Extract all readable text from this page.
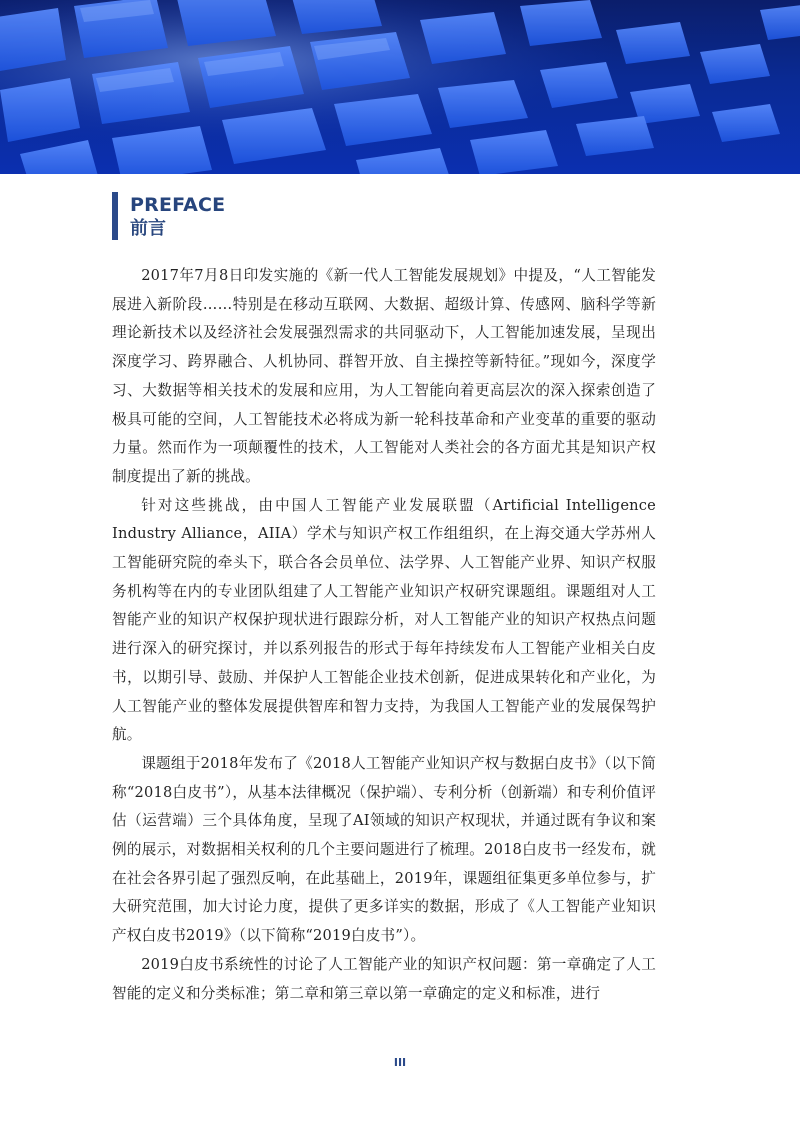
PREFACE
前言

2017年7月8日印发实施的《新一代人工智能发展规划》中提及，“人工智能发展进入新阶段……特别是在移动互联网、大数据、超级计算、传感网、脑科学等新理论新技术以及经济社会发展强烈需求的共同驱动下，人工智能加速发展，呈现出深度学习、跨界融合、人机协同、群智开放、自主操控等新特征。”现如今，深度学习、大数据等相关技术的发展和应用，为人工智能向着更高层次的深入探索创造了极具可能的空间，人工智能技术必将成为新一轮科技革命和产业变革的重要的驱动力量。然而作为一项颠覆性的技术，人工智能对人类社会的各方面尤其是知识产权制度提出了新的挑战。

针对这些挑战，由中国人工智能产业发展联盟（Artificial Intelligence Industry Alliance，AIIA）学术与知识产权工作组组织，在上海交通大学苏州人工智能研究院的牵头下，联合各会员单位、法学界、人工智能产业界、知识产权服务机构等在内的专业团队组建了人工智能产业知识产权研究课题组。课题组对人工智能产业的知识产权保护现状进行跟踪分析，对人工智能产业的知识产权热点问题进行深入的研究探讨，并以系列报告的形式于每年持续发布人工智能产业相关白皮书，以期引导、鼓励、并保护人工智能企业技术创新，促进成果转化和产业化，为人工智能产业的整体发展提供智库和智力支持，为我国人工智能产业的发展保驾护航。

课题组于2018年发布了《2018人工智能产业知识产权与数据白皮书》（以下简称“2018白皮书”），从基本法律概况（保护端）、专利分析（创新端）和专利价值评估（运营端）三个具体角度，呈现了AI领域的知识产权现状，并通过既有争议和案例的展示，对数据相关权利的几个主要问题进行了梳理。2018白皮书一经发布，就在社会各界引起了强烈反响，在此基础上，2019年，课题组征集更多单位参与，扩大研究范围，加大讨论力度，提供了更多详实的数据，形成了《人工智能产业知识产权白皮书2019》（以下简称“2019白皮书”）。

2019白皮书系统性的讨论了人工智能产业的知识产权问题：第一章确定了人工智能的定义和分类标准；第二章和第三章以第一章确定的定义和标准，进行

III
